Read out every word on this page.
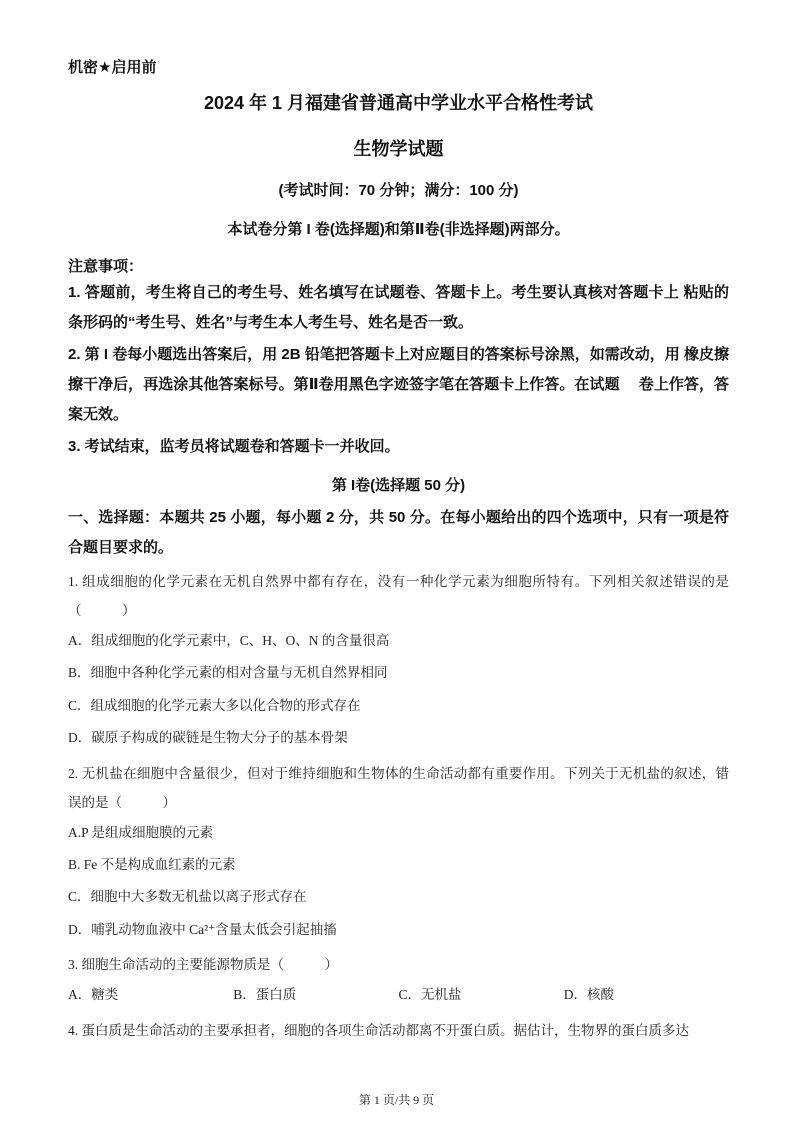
机密★启用前
2024 年 1 月福建省普通高中学业水平合格性考试
生物学试题
(考试时间：70 分钟；满分：100 分)
本试卷分第 I 卷(选择题)和第Ⅱ卷(非选择题)两部分。
注意事项：

1. 答题前，考生将自己的考生号、姓名填写在试题卷、答题卡上。考生要认真核对答题卡上 粘贴的条形码的“考生号、姓名”与考生本人考生号、姓名是否一致。

2. 第 I 卷每小题选出答案后，用 2B 铅笔把答题卡上对应题目的答案标号涂黑，如需改动，用 橡皮擦擦干净后，再选涂其他答案标号。第Ⅱ卷用黑色字迹签字笔在答题卡上作答。在试题　 卷上作答，答案无效。

3. 考试结束，监考员将试题卷和答题卡一并收回。

第 I卷(选择题 50 分)

一、选择题：本题共 25 小题，每小题 2 分，共 50 分。在每小题给出的四个选项中，只有一项是符合题目要求的。

1. 组成细胞的化学元素在无机自然界中都有存在，没有一种化学元素为细胞所特有。下列相关叙述错误的是（　　　）

A．组成细胞的化学元素中，C、H、O、N 的含量很高

B．细胞中各种化学元素的相对含量与无机自然界相同

C．组成细胞的化学元素大多以化合物的形式存在

D．碳原子构成的碳链是生物大分子的基本骨架

2. 无机盐在细胞中含量很少，但对于维持细胞和生物体的生命活动都有重要作用。下列关于无机盐的叙述，错误的是（　　　）

A.P 是组成细胞膜的元素

B. Fe 不是构成血红素的元素

C．细胞中大多数无机盐以离子形式存在

D．哺乳动物血液中 Ca²⁺含量太低会引起抽搐

3. 细胞生命活动的主要能源物质是（　　　）

A．糖类	B．蛋白质	C．无机盐	D．核酸

4. 蛋白质是生命活动的主要承担者，细胞的各项生命活动都离不开蛋白质。据估计，生物界的蛋白质多达

第 1 页/共 9 页
